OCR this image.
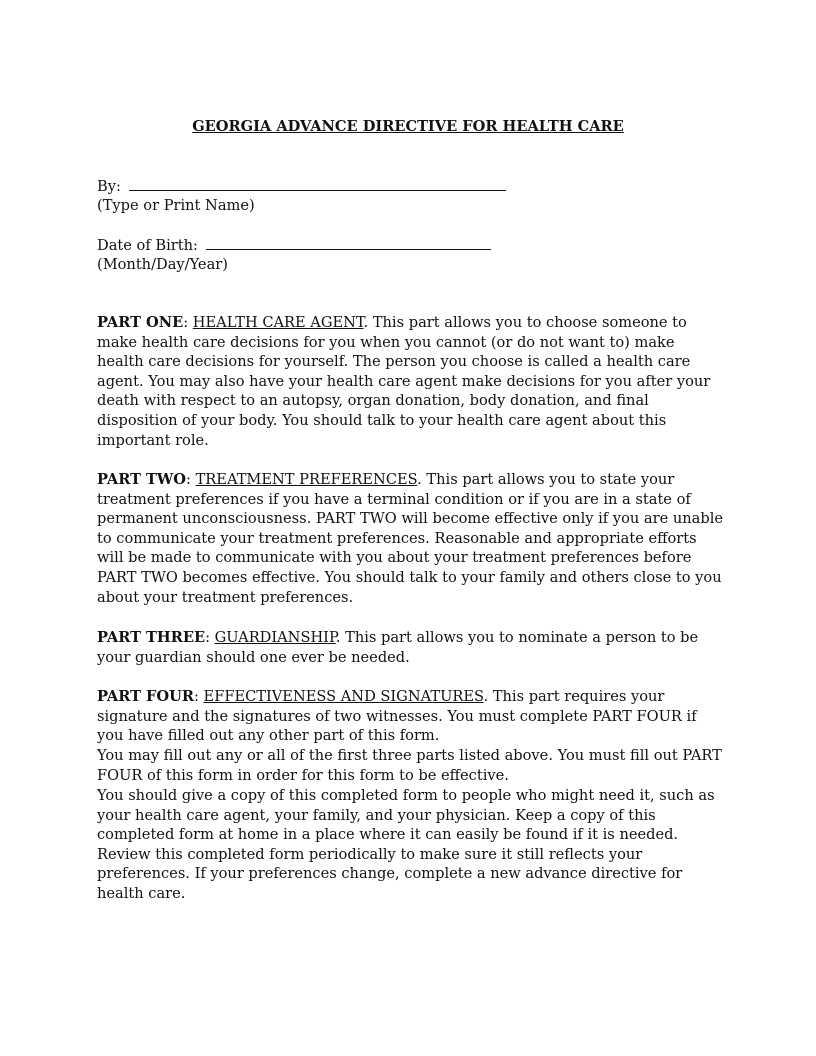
GEORGIA ADVANCE DIRECTIVE FOR HEALTH CARE
By:
(Type or Print Name)
Date of Birth:
(Month/Day/Year)

PART ONE: HEALTH CARE AGENT. This part allows you to choose someone to make health care decisions for you when you cannot (or do not want to) make health care decisions for yourself. The person you choose is called a health care agent. You may also have your health care agent make decisions for you after your death with respect to an autopsy, organ donation, body donation, and final disposition of your body. You should talk to your health care agent about this important role.

PART TWO: TREATMENT PREFERENCES. This part allows you to state your treatment preferences if you have a terminal condition or if you are in a state of permanent unconsciousness. PART TWO will become effective only if you are unable to communicate your treatment preferences. Reasonable and appropriate efforts will be made to communicate with you about your treatment preferences before PART TWO becomes effective. You should talk to your family and others close to you about your treatment preferences.

PART THREE: GUARDIANSHIP. This part allows you to nominate a person to be your guardian should one ever be needed.

PART FOUR: EFFECTIVENESS AND SIGNATURES. This part requires your signature and the signatures of two witnesses. You must complete PART FOUR if you have filled out any other part of this form.

You may fill out any or all of the first three parts listed above. You must fill out PART FOUR of this form in order for this form to be effective.

You should give a copy of this completed form to people who might need it, such as your health care agent, your family, and your physician. Keep a copy of this completed form at home in a place where it can easily be found if it is needed. Review this completed form periodically to make sure it still reflects your preferences. If your preferences change, complete a new advance directive for health care.
